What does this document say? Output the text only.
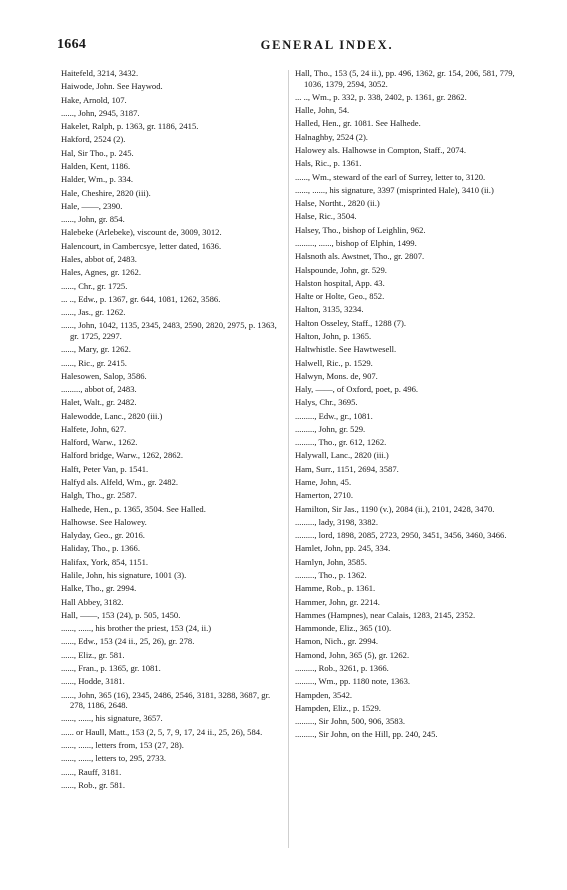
1664	GENERAL INDEX.

Haitefeld, 3214, 3432.

Haiwode, John. See Haywod.

Hake, Arnold, 107.

......, John, 2945, 3187.

Hakelet, Ralph, p. 1363, gr. 1186, 2415.

Hakford, 2524 (2).

Hal, Sir Tho., p. 245.

Halden, Kent, 1186.

Halder, Wm., p. 334.

Hale, Cheshire, 2820 (iii).

Hale, ——, 2390.

......, John, gr. 854.

Halebeke (Arlebeke), viscount de, 3009, 3012.

Halencourt, in Cambercsye, letter dated, 1636.

Hales, abbot of, 2483.

Hales, Agnes, gr. 1262.

......, Chr., gr. 1725.

... .., Edw., p. 1367, gr. 644, 1081, 1262, 3586.

......, Jas., gr. 1262.

......, John, 1042, 1135, 2345, 2483, 2590, 2820, 2975, p. 1363, gr. 1725, 2297.

......, Mary, gr. 1262.

......, Ric., gr. 2415.

Halesowen, Salop, 3586.

........., abbot of, 2483.

Halet, Walt., gr. 2482.

Halewodde, Lanc., 2820 (iii.)

Halfete, John, 627.

Halford, Warw., 1262.

Halford bridge, Warw., 1262, 2862.

Halft, Peter Van, p. 1541.

Halfyd als. Alfeld, Wm., gr. 2482.

Halgh, Tho., gr. 2587.

Halhede, Hen., p. 1365, 3504. See Halled.

Halhowse. See Halowey.

Halyday, Geo., gr. 2016.

Haliday, Tho., p. 1366.

Halifax, York, 854, 1151.

Halile, John, his signature, 1001 (3).

Halke, Tho., gr. 2994.

Hall Abbey, 3182.

Hall, ——, 153 (24), p. 505, 1450.

......, ......, his brother the priest, 153 (24, ii.)

......, Edw., 153 (24 ii., 25, 26), gr. 278.

......, Eliz., gr. 581.

......, Fran., p. 1365, gr. 1081.

......, Hodde, 3181.

......, John, 365 (16), 2345, 2486, 2546, 3181, 3288, 3687, gr. 278, 1186, 2648.

......, ......, his signature, 3657.

...... or Haull, Matt., 153 (2, 5, 7, 9, 17, 24 ii., 25, 26), 584.

......, ......, letters from, 153 (27, 28).

......, ......, letters to, 295, 2733.

......, Rauff, 3181.

......, Rob., gr. 581.

Hall, Tho., 153 (5, 24 ii.), pp. 496, 1362, gr. 154, 206, 581, 779, 1036, 1379, 2594, 3052.

... .., Wm., p. 332, p. 338, 2402, p. 1361, gr. 2862.

Halle, John, 54.

Halled, Hen., gr. 1081. See Halhede.

Halnaghby, 2524 (2).

Halowey als. Halhowse in Compton, Staff., 2074.

Hals, Ric., p. 1361.

......, Wm., steward of the earl of Surrey, letter to, 3120.

......, ......, his signature, 3397 (misprinted Hale), 3410 (ii.)

Halse, Northt., 2820 (ii.)

Halse, Ric., 3504.

Halsey, Tho., bishop of Leighlin, 962.

........., ......, bishop of Elphin, 1499.

Halsnoth als. Awstnet, Tho., gr. 2807.

Halspounde, John, gr. 529.

Halston hospital, App. 43.

Halte or Holte, Geo., 852.

Halton, 3135, 3234.

Halton Osseley, Staff., 1288 (7).

Halton, John, p. 1365.

Haltwhistle. See Hawtwesell.

Halwell, Ric., p. 1529.

Halwyn, Mons. de, 907.

Haly, ——, of Oxford, poet, p. 496.

Halys, Chr., 3695.

........., Edw., gr., 1081.

........., John, gr. 529.

........., Tho., gr. 612, 1262.

Halywall, Lanc., 2820 (iii.)

Ham, Surr., 1151, 2694, 3587.

Hame, John, 45.

Hamerton, 2710.

Hamilton, Sir Jas., 1190 (v.), 2084 (ii.), 2101, 2428, 3470.

........., lady, 3198, 3382.

........., lord, 1898, 2085, 2723, 2950, 3451, 3456, 3460, 3466.

Hamlet, John, pp. 245, 334.

Hamlyn, John, 3585.

........., Tho., p. 1362.

Hamme, Rob., p. 1361.

Hammer, John, gr. 2214.

Hammes (Hampnes), near Calais, 1283, 2145, 2352.

Hammonde, Eliz., 365 (10).

Hamon, Nich., gr. 2994.

Hamond, John, 365 (5), gr. 1262.

........., Rob., 3261, p. 1366.

........., Wm., pp. 1180 note, 1363.

Hampden, 3542.

Hampden, Eliz., p. 1529.

........., Sir John, 500, 906, 3583.

........., Sir John, on the Hill, pp. 240, 245.
